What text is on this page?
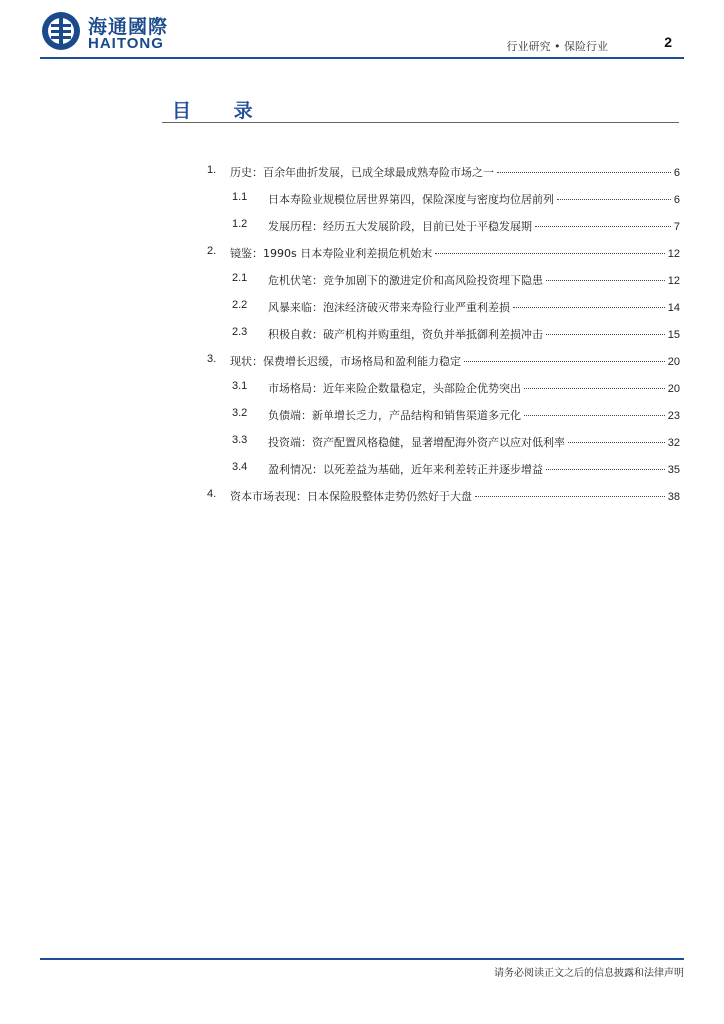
海通國際
HAITONG	行业研究 • 保险行业	2
目 录
1. 历史：百余年曲折发展，已成全球最成熟寿险市场之一	6
1.1 日本寿险业规模位居世界第四，保险深度与密度均位居前列	6
1.2 发展历程：经历五大发展阶段，目前已处于平稳发展期	7
2. 镜鉴：1990s 日本寿险业利差损危机始末	12
2.1 危机伏笔：竞争加剧下的激进定价和高风险投资埋下隐患	12
2.2 风暴来临：泡沫经济破灭带来寿险行业严重利差损	14
2.3 积极自救：破产机构并购重组，资负并举抵御利差损冲击	15
3. 现状：保费增长迟缓，市场格局和盈利能力稳定	20
3.1 市场格局：近年来险企数量稳定，头部险企优势突出	20
3.2 负债端：新单增长乏力，产品结构和销售渠道多元化	23
3.3 投资端：资产配置风格稳健，显著增配海外资产以应对低利率	32
3.4 盈利情况：以死差益为基础，近年来利差转正并逐步增益	35
4. 资本市场表现：日本保险股整体走势仍然好于大盘	38
请务必阅读正文之后的信息披露和法律声明
